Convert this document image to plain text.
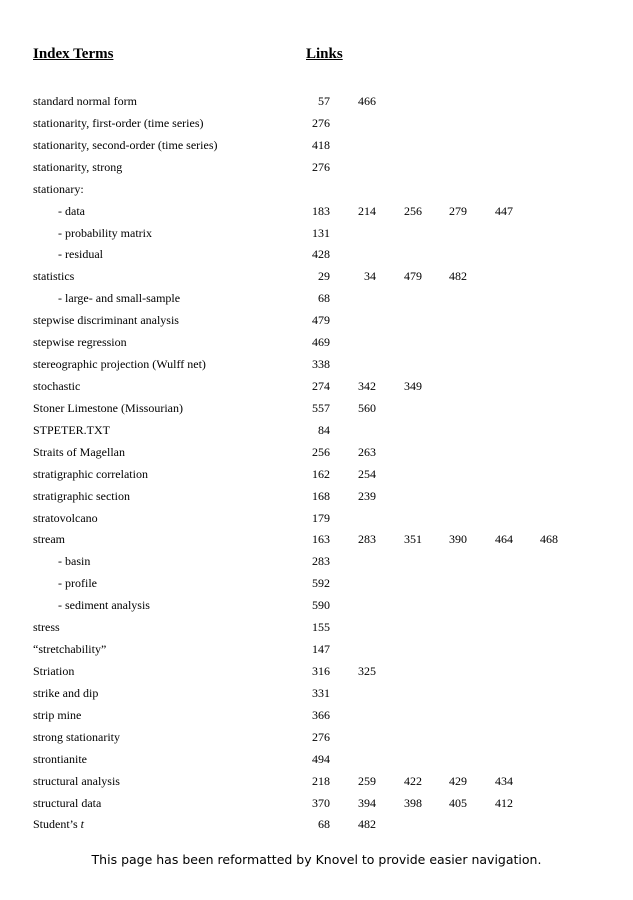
Index Terms	Links
standard normal form	57	466
stationarity, first-order (time series)	276
stationarity, second-order (time series)	418
stationarity, strong	276
stationary:
- data	183	214	256	279	447
- probability matrix	131
- residual	428
statistics	29	34	479	482
- large- and small-sample	68
stepwise discriminant analysis	479
stepwise regression	469
stereographic projection (Wulff net)	338
stochastic	274	342	349
Stoner Limestone (Missourian)	557	560
STPETER.TXT	84
Straits of Magellan	256	263
stratigraphic correlation	162	254
stratigraphic section	168	239
stratovolcano	179
stream	163	283	351	390	464	468
- basin	283
- profile	592
- sediment analysis	590
stress	155
“stretchability”	147
Striation	316	325
strike and dip	331
strip mine	366
strong stationarity	276
strontianite	494
structural analysis	218	259	422	429	434
structural data	370	394	398	405	412
Student’s t	68	482
This page has been reformatted by Knovel to provide easier navigation.
